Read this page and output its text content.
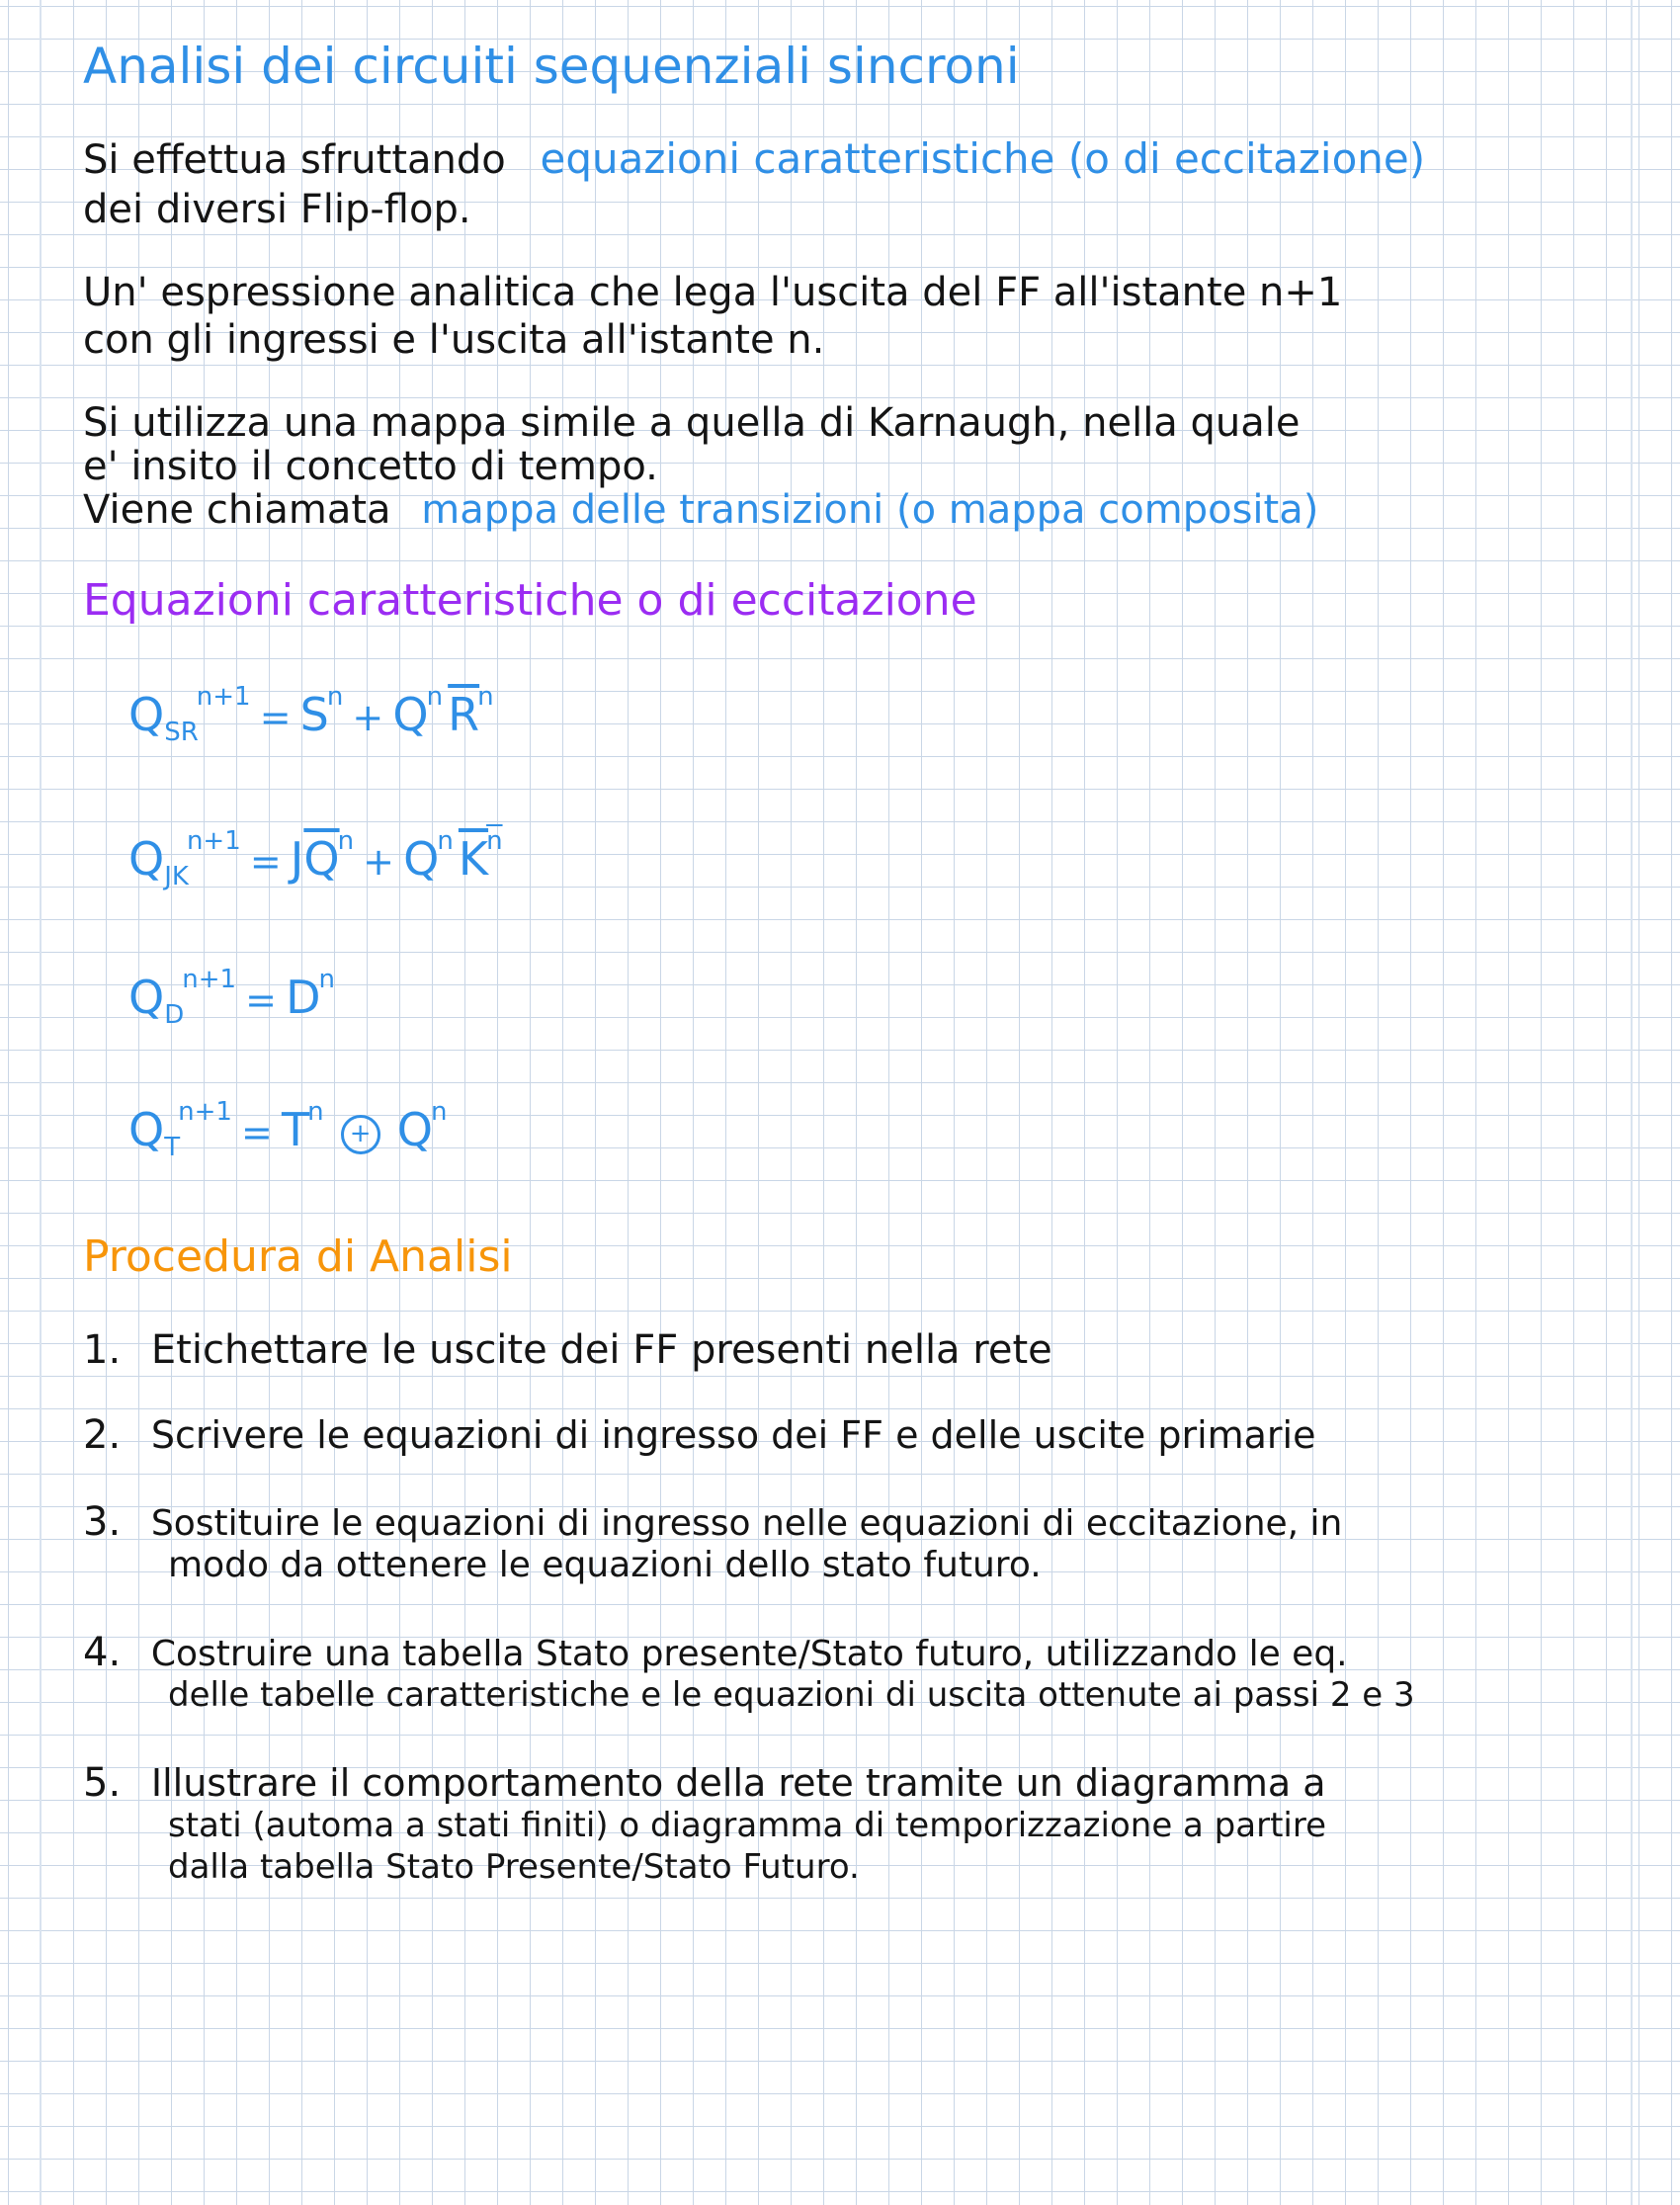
Analisi dei circuiti sequenziali sincroni
Si effettua sfruttando equazioni caratteristiche (o di eccitazione)
dei diversi Flip-flop.
Un' espressione analitica che lega l'uscita del FF all'istante n+1
con gli ingressi e l'uscita all'istante n.
Si utilizza una mappa simile a quella di Karnaugh, nella quale
e' insito il concetto di tempo.
Viene chiamata mappa delle transizioni (o mappa composita)
Equazioni caratteristiche o di eccitazione
QSRn+1 = Sn + Qn $\overline{R}n$
QJKn+1 = $J\overline{Q}n + Qn$ $\overline{K}\overline{n}$
QDn+1 = Dn
QTn+1 = Tn + Qn
Procedura di Analisi
1. Etichettare le uscite dei FF presenti nella rete
2. Scrivere le equazioni di ingresso dei FF e delle uscite primarie
3. Sostituire le equazioni di ingresso nelle equazioni di eccitazione, in
modo da ottenere le equazioni dello stato futuro.
4. Costruire una tabella Stato presente/Stato futuro, utilizzando le eq.
delle tabelle caratteristiche e le equazioni di uscita ottenute ai passi 2 e 3
5. Illustrare il comportamento della rete tramite un diagramma a
stati (automa a stati finiti) o diagramma di temporizzazione a partire
dalla tabella Stato Presente/Stato Futuro.
